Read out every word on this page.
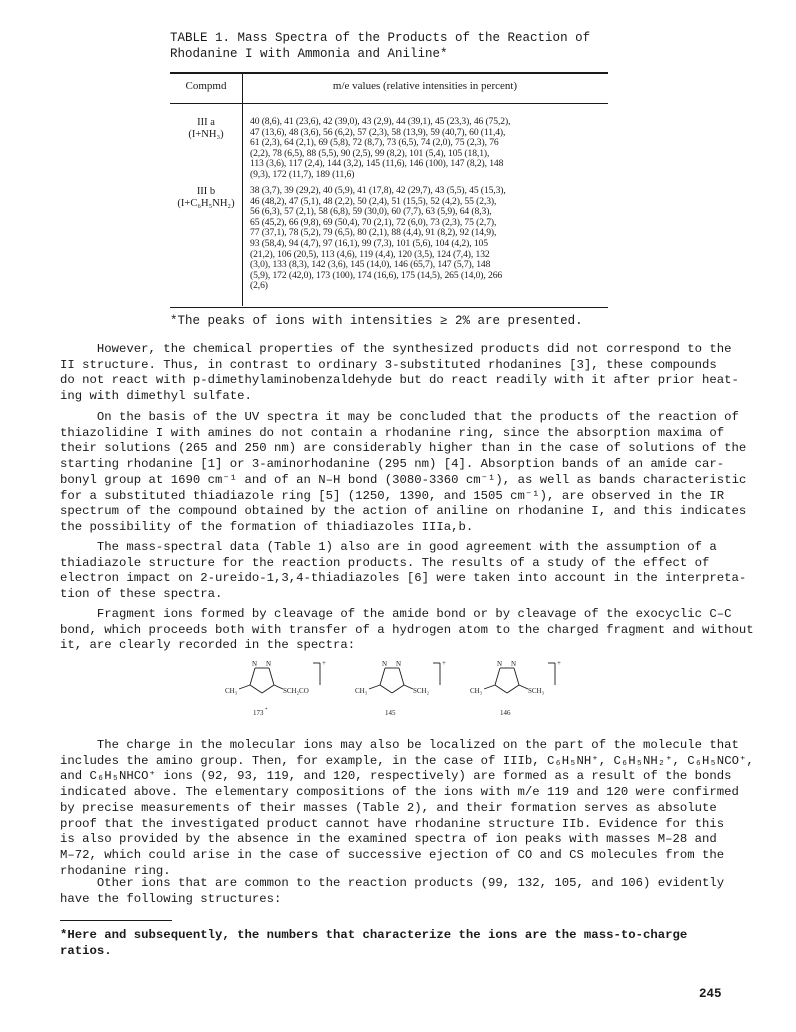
TABLE 1. Mass Spectra of the Products of the Reaction of
Rhodanine I with Ammonia and Aniline*
Compmd	m/e values (relative intensities in percent)
III a
(I+NH₃)
40 (8,6), 41 (23,6), 42 (39,0), 43 (2,9), 44 (39,1), 45 (23,3), 46 (75,2),
47 (13,6), 48 (3,6), 56 (6,2), 57 (2,3), 58 (13,9), 59 (40,7), 60 (11,4),
61 (2,3), 64 (2,1), 69 (5,8), 72 (8,7), 73 (6,5), 74 (2,0), 75 (2,3), 76
(2,2), 78 (6,5), 88 (5,5), 90 (2,5), 99 (8,2), 101 (5,4), 105 (18,1),
113 (3,6), 117 (2,4), 144 (3,2), 145 (11,6), 146 (100), 147 (8,2), 148
(9,3), 172 (11,7), 189 (11,6)
III b
(I+C₆H₅NH₂)
38 (3,7), 39 (29,2), 40 (5,9), 41 (17,8), 42 (29,7), 43 (5,5), 45 (15,3),
46 (48,2), 47 (5,1), 48 (2,2), 50 (2,4), 51 (15,5), 52 (4,2), 55 (2,3),
56 (6,3), 57 (2,1), 58 (6,8), 59 (30,0), 60 (7,7), 63 (5,9), 64 (8,3),
65 (45,2), 66 (9,8), 69 (50,4), 70 (2,1), 72 (6,0), 73 (2,3), 75 (2,7),
77 (37,1), 78 (5,2), 79 (6,5), 80 (2,1), 88 (4,4), 91 (8,2), 92 (14,9),
93 (58,4), 94 (4,7), 97 (16,1), 99 (7,3), 101 (5,6), 104 (4,2), 105
(21,2), 106 (20,5), 113 (4,6), 119 (4,4), 120 (3,5), 124 (7,4), 132
(3,0), 133 (8,3), 142 (3,6), 145 (14,0), 146 (65,7), 147 (5,7), 148
(5,9), 172 (42,0), 173 (100), 174 (16,6), 175 (14,5), 265 (14,0), 266
(2,6)
*The peaks of ions with intensities ≥ 2% are presented.
However, the chemical properties of the synthesized products did not correspond to the
II structure. Thus, in contrast to ordinary 3-substituted rhodanines [3], these compounds
do not react with p-dimethylaminobenzaldehyde but do react readily with it after prior heat-
ing with dimethyl sulfate.
On the basis of the UV spectra it may be concluded that the products of the reaction of
thiazolidine I with amines do not contain a rhodanine ring, since the absorption maxima of
their solutions (265 and 250 nm) are considerably higher than in the case of solutions of the
starting rhodanine [1] or 3-aminorhodanine (295 nm) [4]. Absorption bands of an amide car-
bonyl group at 1690 cm⁻¹ and of an N–H bond (3080-3360 cm⁻¹), as well as bands characteristic
for a substituted thiadiazole ring [5] (1250, 1390, and 1505 cm⁻¹), are observed in the IR
spectrum of the compound obtained by the action of aniline on rhodanine I, and this indicates
the possibility of the formation of thiadiazoles IIIa,b.
The mass-spectral data (Table 1) also are in good agreement with the assumption of a
thiadiazole structure for the reaction products. The results of a study of the effect of
electron impact on 2-ureido-1,3,4-thiadiazoles [6] were taken into account in the interpreta-
tion of these spectra.
Fragment ions formed by cleavage of the amide bond or by cleavage of the exocyclic C–C
bond, which proceeds both with transfer of a hydrogen atom to the charged fragment and without
it, are clearly recorded in the spectra:
N N
CH₃	SCH₂CO
+
173 *
N N
CH₃	SCH₂
+
145
N N
CH₃	SCH₃
+
146
The charge in the molecular ions may also be localized on the part of the molecule that
includes the amino group. Then, for example, in the case of IIIb, C₆H₅NH⁺, C₆H₅NH₂⁺, C₆H₅NCO⁺,
and C₆H₅NHCO⁺ ions (92, 93, 119, and 120, respectively) are formed as a result of the bonds
indicated above. The elementary compositions of the ions with m/e 119 and 120 were confirmed
by precise measurements of their masses (Table 2), and their formation serves as absolute
proof that the investigated product cannot have rhodanine structure IIb. Evidence for this
is also provided by the absence in the examined spectra of ion peaks with masses M–28 and
M–72, which could arise in the case of successive ejection of CO and CS molecules from the
rhodanine ring.
Other ions that are common to the reaction products (99, 132, 105, and 106) evidently
have the following structures:
*Here and subsequently, the numbers that characterize the ions are the mass-to-charge
ratios.
245
